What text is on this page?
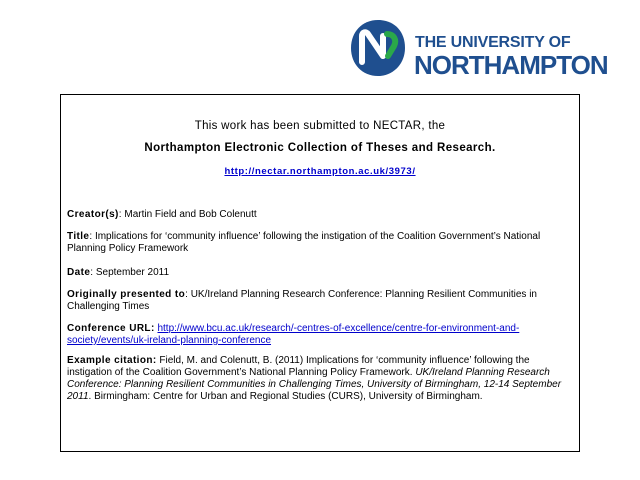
THE UNIVERSITY OF
NORTHAMPTON
This work has been submitted to NECTAR, the
Northampton Electronic Collection of Theses and Research.
http://nectar.northampton.ac.uk/3973/
Creator(s): Martin Field and Bob Colenutt
Title: Implications for ‘community influence’ following the instigation of the Coalition Government’s National Planning Policy Framework
Date: September 2011
Originally presented to: UK/Ireland Planning Research Conference: Planning Resilient Communities in Challenging Times
Conference URL: http://www.bcu.ac.uk/research/-centres-of-excellence/centre-for-environment-and-society/events/uk-ireland-planning-conference
Example citation: Field, M. and Colenutt, B. (2011) Implications for ‘community influence’ following the instigation of the Coalition Government’s National Planning Policy Framework. UK/Ireland Planning Research Conference: Planning Resilient Communities in Challenging Times, University of Birmingham, 12-14 September 2011. Birmingham: Centre for Urban and Regional Studies (CURS), University of Birmingham.
